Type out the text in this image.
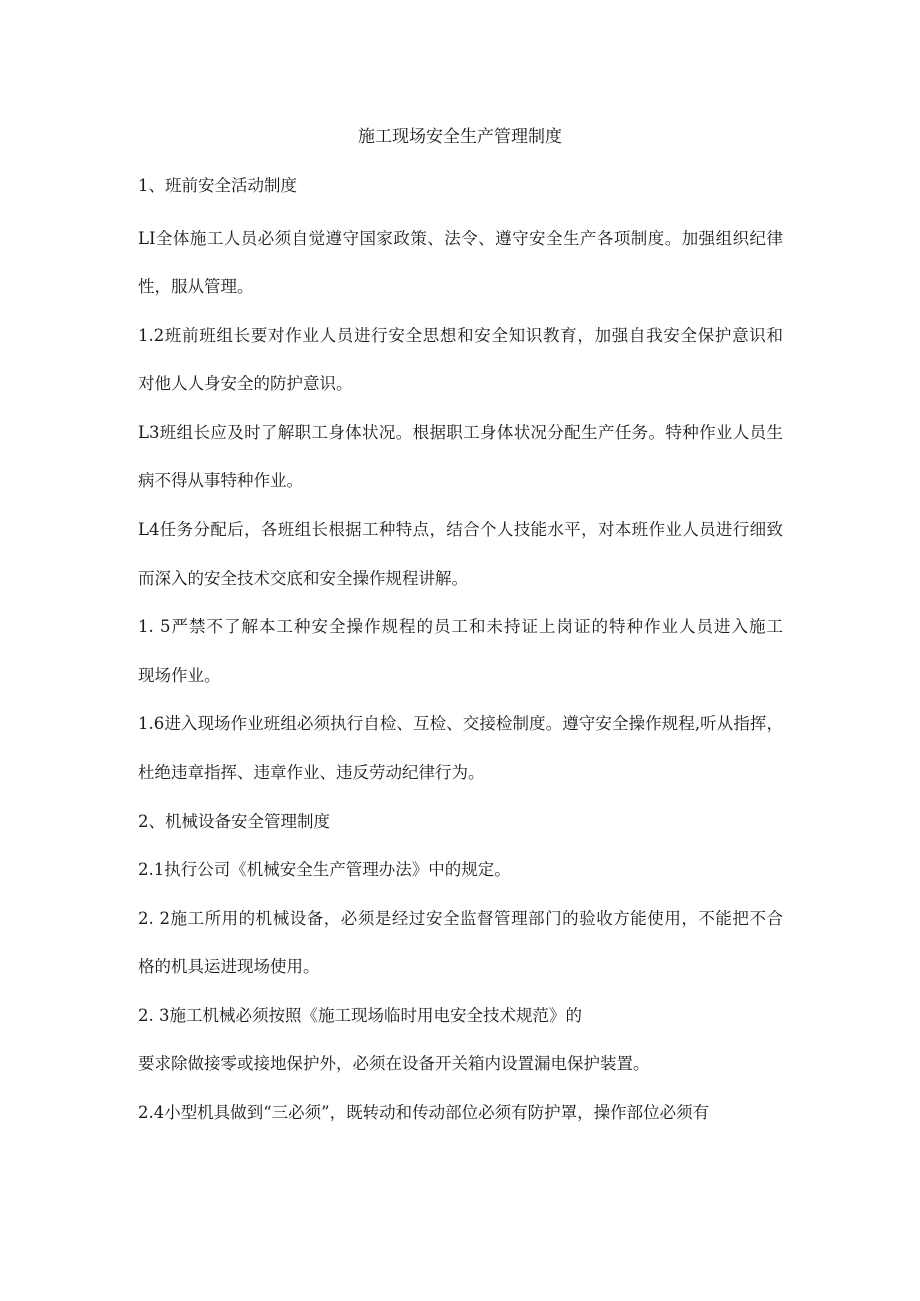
施工现场安全生产管理制度
1、班前安全活动制度
LI全体施工人员必须自觉遵守国家政策、法令、遵守安全生产各项制度。加强组织纪律
性，服从管理。
1.2班前班组长要对作业人员进行安全思想和安全知识教育，加强自我安全保护意识和
对他人人身安全的防护意识。
L3班组长应及时了解职工身体状况。根据职工身体状况分配生产任务。特种作业人员生
病不得从事特种作业。
L4任务分配后，各班组长根据工种特点，结合个人技能水平，对本班作业人员进行细致
而深入的安全技术交底和安全操作规程讲解。
1. 5严禁不了解本工种安全操作规程的员工和未持证上岗证的特种作业人员进入施工
现场作业。
1.6进入现场作业班组必须执行自检、互检、交接检制度。遵守安全操作规程,听从指挥，
杜绝违章指挥、违章作业、违反劳动纪律行为。
2、机械设备安全管理制度
2.1执行公司《机械安全生产管理办法》中的规定。
2. 2施工所用的机械设备，必须是经过安全监督管理部门的验收方能使用，不能把不合
格的机具运进现场使用。
2. 3施工机械必须按照《施工现场临时用电安全技术规范》的
要求除做接零或接地保护外，必须在设备开关箱内设置漏电保护装置。
2.4小型机具做到“三必须”，既转动和传动部位必须有防护罩，操作部位必须有
